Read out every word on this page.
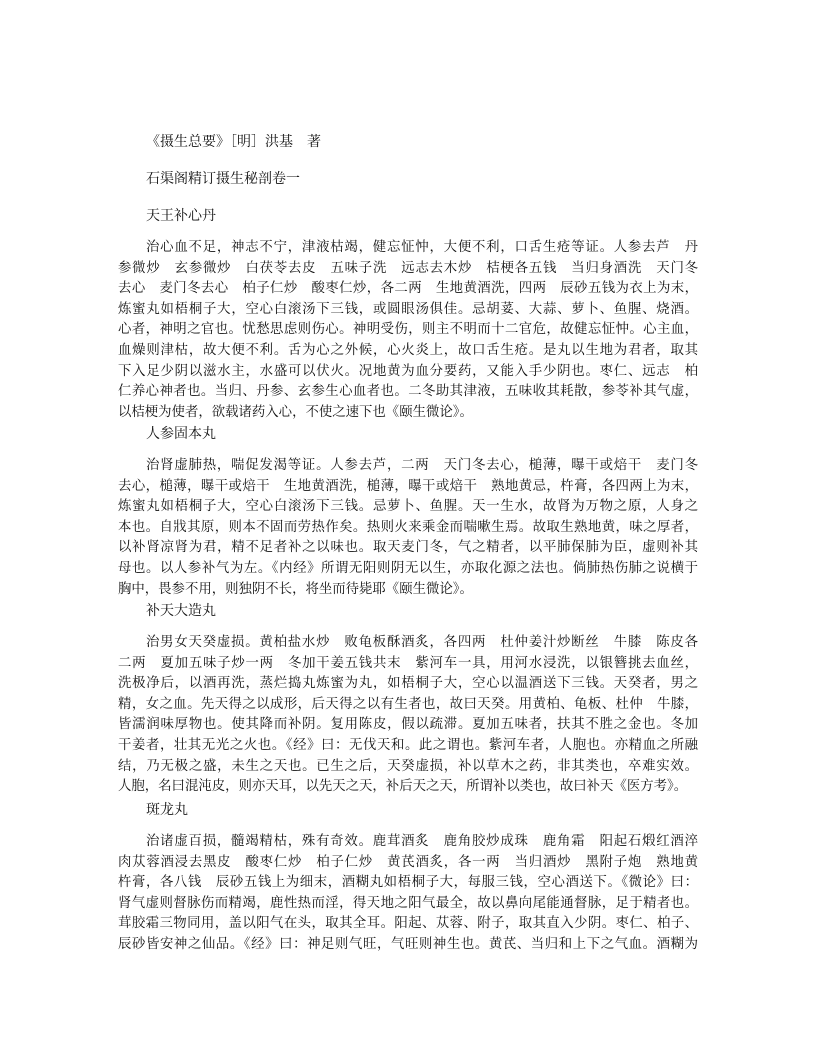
《摄生总要》［明］洪基　著
石渠阁精订摄生秘剖卷一
天王补心丹
治心血不足，神志不宁，津液枯竭，健忘怔忡，大便不利，口舌生疮等证。人参去芦　丹
参微炒　玄参微炒　白茯苓去皮　五味子洗　远志去木炒　桔梗各五钱　当归身酒洗　天门冬
去心　麦门冬去心　柏子仁炒　酸枣仁炒，各二两　生地黄酒洗，四两　辰砂五钱为衣上为末，
炼蜜丸如梧桐子大，空心白滚汤下三钱，或圆眼汤俱佳。忌胡荽、大蒜、萝卜、鱼腥、烧酒。
心者，神明之官也。忧愁思虑则伤心。神明受伤，则主不明而十二官危，故健忘怔忡。心主血，
血燥则津枯，故大便不利。舌为心之外候，心火炎上，故口舌生疮。是丸以生地为君者，取其
下入足少阴以滋水主，水盛可以伏火。况地黄为血分要药，又能入手少阴也。枣仁、远志　柏
仁养心神者也。当归、丹参、玄参生心血者也。二冬助其津液，五味收其耗散，参苓补其气虚，
以桔梗为使者，欲载诸药入心，不使之速下也《颐生微论》。
人参固本丸
治肾虚肺热，喘促发渴等证。人参去芦，二两　天门冬去心，槌薄，曝干或焙干　麦门冬
去心，槌薄，曝干或焙干　生地黄酒洗，槌薄，曝干或焙干　熟地黄忌，杵膏，各四两上为末，
炼蜜丸如梧桐子大，空心白滚汤下三钱。忌萝卜、鱼腥。天一生水，故肾为万物之原，人身之
本也。自戕其原，则本不固而劳热作矣。热则火来乘金而喘嗽生焉。故取生熟地黄，味之厚者，
以补肾凉肾为君，精不足者补之以味也。取天麦门冬，气之精者，以平肺保肺为臣，虚则补其
母也。以人参补气为左。《内经》所谓无阳则阴无以生，亦取化源之法也。倘肺热伤肺之说横于
胸中，畏参不用，则独阴不长，将坐而待毙耶《颐生微论》。
补天大造丸
治男女天癸虚损。黄柏盐水炒　败龟板酥酒炙，各四两　杜仲姜汁炒断丝　牛膝　陈皮各
二两　夏加五味子炒一两　冬加干姜五钱共末　紫河车一具，用河水浸洗，以银簪挑去血丝，
洗极净后，以酒再洗，蒸烂捣丸炼蜜为丸，如梧桐子大，空心以温酒送下三钱。天癸者，男之
精，女之血。先天得之以成形，后天得之以有生者也，故曰天癸。用黄柏、龟板、杜仲　牛膝，
皆濡润味厚物也。使其降而补阴。复用陈皮，假以疏滞。夏加五味者，扶其不胜之金也。冬加
干姜者，壮其无光之火也。《经》曰：无伐天和。此之谓也。紫河车者，人胞也。亦精血之所融
结，乃无极之盛，未生之天也。已生之后，天癸虚损，补以草木之药，非其类也，卒难实效。
人胞，名曰混沌皮，则亦天耳，以先天之天，补后天之天，所谓补以类也，故曰补天《医方考》。
斑龙丸
治诸虚百损，髓竭精枯，殊有奇效。鹿茸酒炙　鹿角胶炒成珠　鹿角霜　阳起石煅红酒淬
肉苁蓉酒浸去黑皮　酸枣仁炒　柏子仁炒　黄芪酒炙，各一两　当归酒炒　黑附子炮　熟地黄
杵膏，各八钱　辰砂五钱上为细末，酒糊丸如梧桐子大，每服三钱，空心酒送下。《微论》曰：
肾气虚则督脉伤而精竭，鹿性热而淫，得天地之阳气最全，故以鼻向尾能通督脉，足于精者也。
茸胶霜三物同用，盖以阳气在头，取其全耳。阳起、苁蓉、附子，取其直入少阴。枣仁、柏子、
辰砂皆安神之仙品。《经》曰：神足则气旺，气旺则神生也。黄芪、当归和上下之气血。酒糊为
